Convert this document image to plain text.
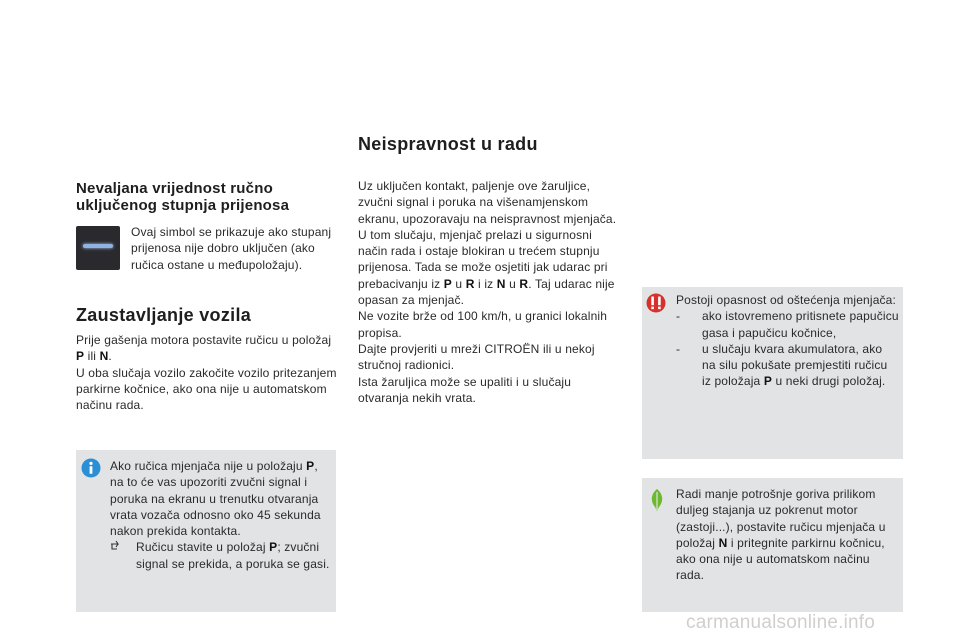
Nevaljana vrijednost ručno uključenog stupnja prijenosa
Ovaj simbol se prikazuje ako stupanj prijenosa nije dobro uključen (ako ručica ostane u međupoložaju).
Zaustavljanje vozila

Prije gašenja motora postavite ručicu u položaj P ili N.

U oba slučaja vozilo zakočite vozilo pritezanjem parkirne kočnice, ako ona nije u automatskom načinu rada.

Ako ručica mjenjača nije u položaju P, na to će vas upozoriti zvučni signal i poruka na ekranu u trenutku otvaranja vrata vozača odnosno oko 45 sekunda nakon prekida kontakta.

Ručicu stavite u položaj P; zvučni signal se prekida, a poruka se gasi.
Neispravnost u radu

Uz uključen kontakt, paljenje ove žaruljice, zvučni signal i poruka na višenamjenskom ekranu, upozoravaju na neispravnost mjenjača. U tom slučaju, mjenjač prelazi u sigurnosni način rada i ostaje blokiran u trećem stupnju prijenosa. Tada se može osjetiti jak udarac pri prebacivanju iz P u R i iz N u R. Taj udarac nije opasan za mjenjač.

Ne vozite brže od 100 km/h, u granici lokalnih propisa.

Dajte provjeriti u mreži CITROËN ili u nekoj stručnoj radionici.

Ista žaruljica može se upaliti i u slučaju otvaranja nekih vrata.

Postoji opasnost od oštećenja mjenjača:

- ako istovremeno pritisnete papučicu gasa i papučicu kočnice,
- u slučaju kvara akumulatora, ako na silu pokušate premjestiti ručicu iz položaja P u neki drugi položaj.

Radi manje potrošnje goriva prilikom duljeg stajanja uz pokrenut motor (zastoji...), postavite ručicu mjenjača u položaj N i pritegnite parkirnu kočnicu, ako ona nije u automatskom načinu rada.

carmanualsonline.info
